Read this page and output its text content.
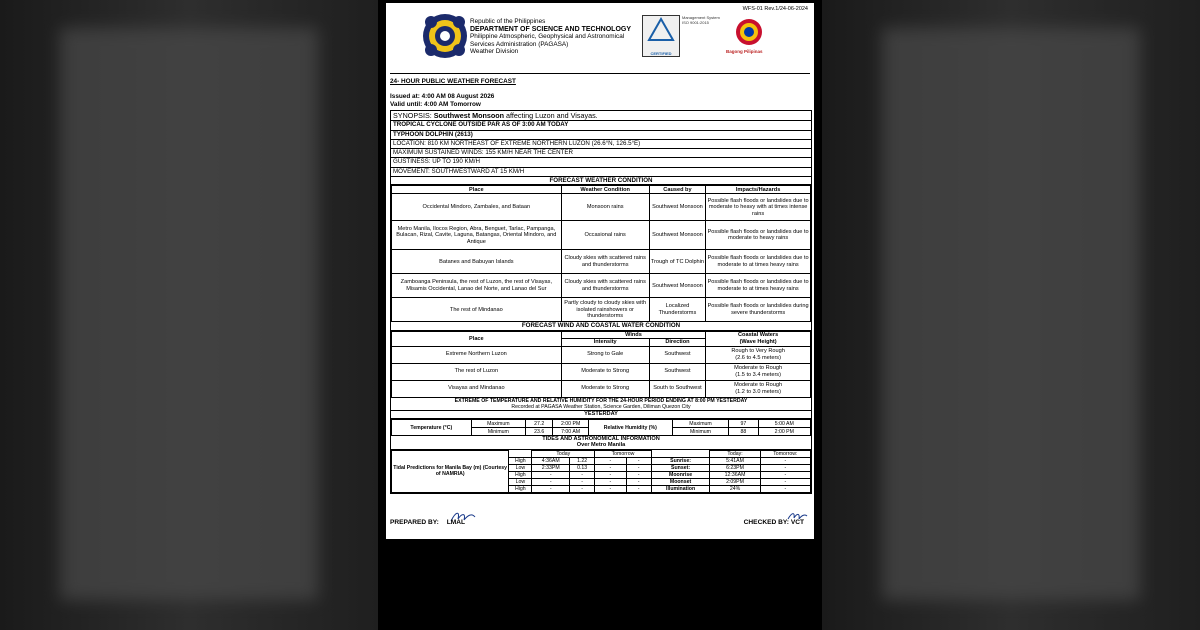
WFS-01 Rev.1/24-06-2024
Republic of the Philippines
DEPARTMENT OF SCIENCE AND TECHNOLOGY
Philippine Atmospheric, Geophysical and Astronomical
Services Administration (PAGASA)
Weather Division	CERTIFIED
Management System ISO 9001:2015
Bagong Pilipinas
24- HOUR PUBLIC WEATHER FORECAST
Issued at: 4:00 AM 08 August 2026
Valid until: 4:00 AM Tomorrow
SYNOPSIS: Southwest Monsoon affecting Luzon and Visayas.
TROPICAL CYCLONE OUTSIDE PAR AS OF 3:00 AM TODAY
TYPHOON DOLPHIN (2613)
LOCATION: 810 KM NORTHEAST OF EXTREME NORTHERN LUZON (26.6°N, 126.5°E)
MAXIMUM SUSTAINED WINDS: 155 KM/H NEAR THE CENTER
GUSTINESS: UP TO 190 KM/H
MOVEMENT: SOUTHWESTWARD AT 15 KM/H
FORECAST WEATHER CONDITION
Place	Weather Condition	Caused by	Impacts/Hazards
Occidental Mindoro, Zambales, and Bataan	Monsoon rains	Southwest Monsoon	Possible flash floods or landslides due to moderate to heavy with at times intense rains
Metro Manila, Ilocos Region, Abra, Benguet, Tarlac, Pampanga, Bulacan, Rizal, Cavite, Laguna, Batangas, Oriental Mindoro, and Antique	Occasional rains	Southwest Monsoon	Possible flash floods or landslides due to moderate to heavy rains
Batanes and Babuyan Islands	Cloudy skies with scattered rains and thunderstorms	Trough of TC Dolphin	Possible flash floods or landslides due to moderate to at times heavy rains
Zamboanga Peninsula, the rest of Luzon, the rest of Visayas, Misamis Occidental, Lanao del Norte, and Lanao del Sur	Cloudy skies with scattered rains and thunderstorms	Southwest Monsoon	Possible flash floods or landslides due to moderate to at times heavy rains
The rest of Mindanao	Partly cloudy to cloudy skies with isolated rainshowers or thunderstorms	Localized Thunderstorms	Possible flash floods or landslides during severe thunderstorms
FORECAST WIND AND COASTAL WATER CONDITION
Place	Winds		Coastal Waters
(Wave Height)

	Intensity	Direction	
Extreme Northern Luzon	Strong to Gale	Southwest	Rough to Very Rough
(2.6 to 4.5 meters)

The rest of Luzon	Moderate to Strong	Southwest	Moderate to Rough
(1.5 to 3.4 meters)

Visayas and Mindanao	Moderate to Strong	South to Southwest	Moderate to Rough
(1.2 to 3.0 meters)
EXTREME OF TEMPERATURE AND RELATIVE HUMIDITY FOR THE 24-HOUR PERIOD ENDING AT 8:00 PM YESTERDAY
Recorded at PAGASA Weather Station, Science Garden, Diliman Quezon City
YESTERDAY
Temperature (°C)	Maximum	27.2	2:00 PM	Relative Humidity (%)	Maximum	97	5:00 AM
	Minimum	23.6	7:00 AM		Minimum	88	2:00 PM
TIDES AND ASTRONOMICAL INFORMATION
Over Metro Manila
Tidal Predictions for Manila Bay (m) (Courtesy of NAMRIA)		Today		Tomorrow			Today:	Tomorrow:
	High	4:36AM	1.22	-	-	Sunrise:	5:41AM	-
	Low	2:33PM	0.13	-	-	Sunset:	6:23PM	-
	High	-	-	-	-	Moonrise	12:36AM	-
	Low	-	-	-	-	Moonset	2:09PM	-
	High	-	-	-	-	Illumination	24%	-
PREPARED BY: LMAL	CHECKED BY: VCT
